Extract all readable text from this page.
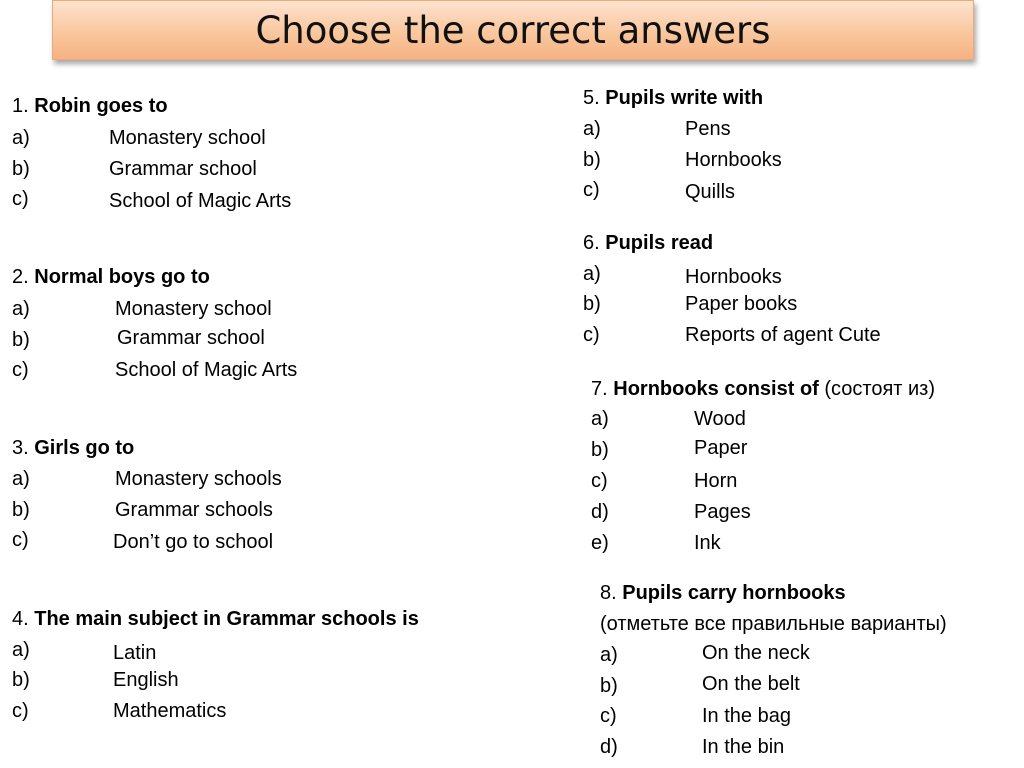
Choose the correct answers
1. Robin goes to
a)	Monastery school
b)	Grammar school
c)	School of Magic Arts
2. Normal boys go to
a)	Monastery school
b)	Grammar school
c)	School of Magic Arts
3. Girls go to
a)	Monastery schools
b)	Grammar schools
c)	Don’t go to school
4. The main subject in Grammar schools is
a)	Latin
b)	English
c)	Mathematics
5. Pupils write with
a)	Pens
b)	Hornbooks
c)	Quills
6. Pupils read
a)	Hornbooks
b)	Paper books
c)	Reports of agent Cute
7. Hornbooks consist of (состоят из)
a)	Wood
b)	Paper
c)	Horn
d)	Pages
e)	Ink
8. Pupils carry hornbooks
(отметьте все правильные варианты)
a)	On the neck
b)	On the belt
c)	In the bag
d)	In the bin
